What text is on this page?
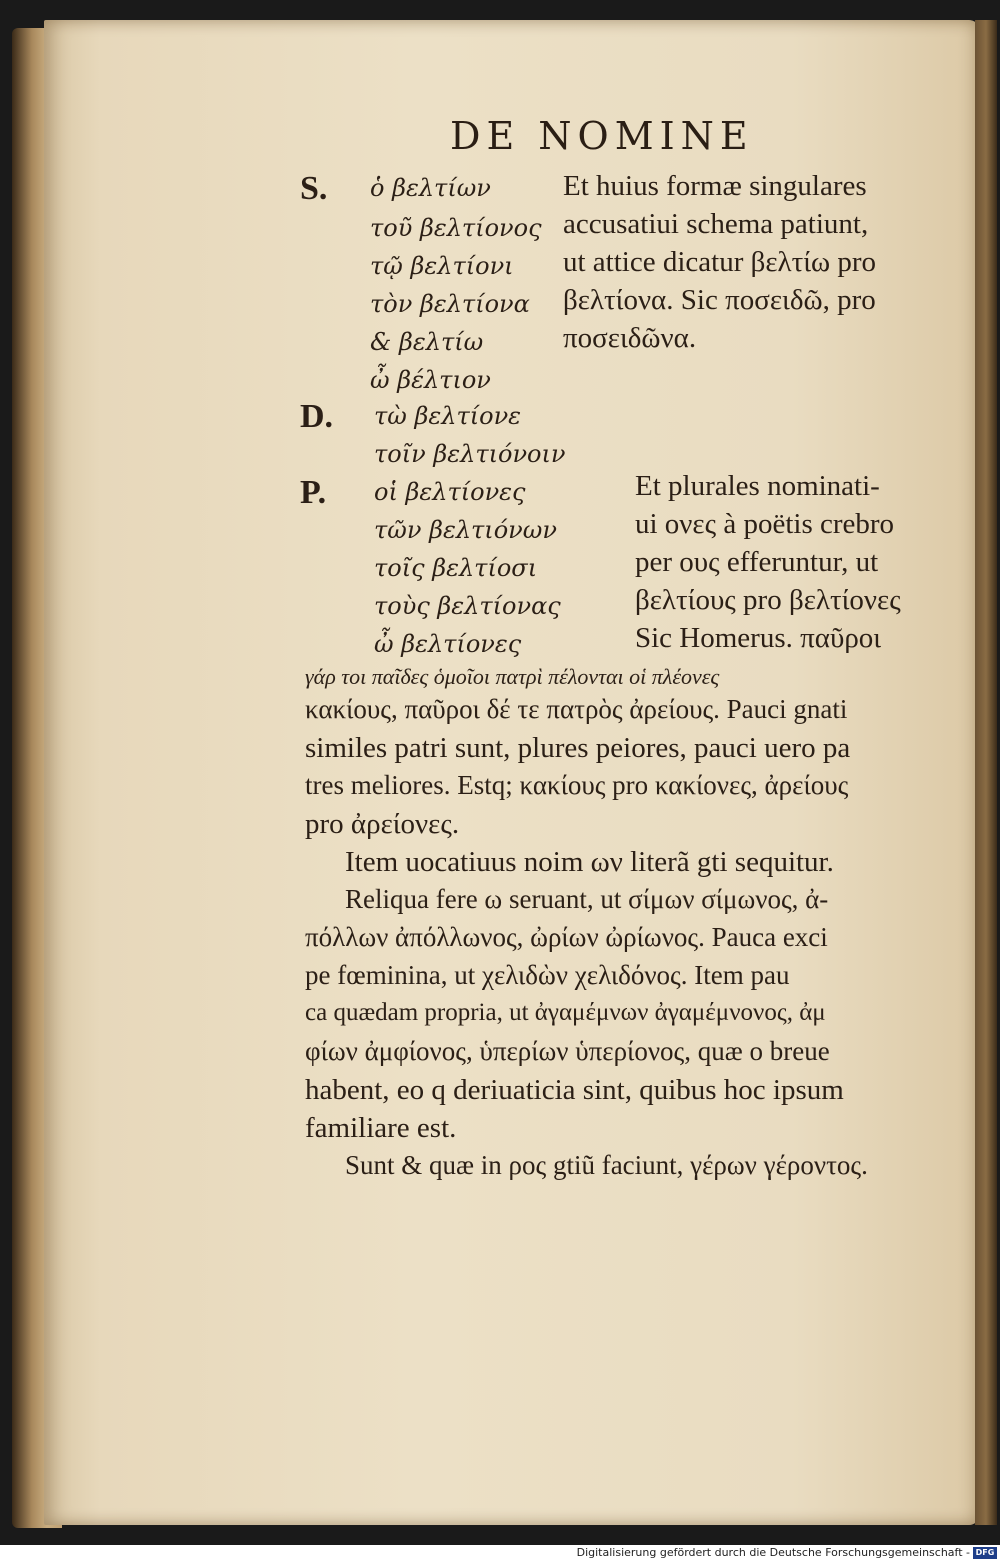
DE NOMINE
S. ὁ βελτίων
τοῦ βελτίονος
τῷ βελτίονι
τὸν βελτίονα
& βελτίω
ὦ βέλτιον
Et huius formæ singulares
accusatiui schema patiunt,
ut attice dicatur βελτίω pro
βελτίονα. Sic ποσειδῶ, pro
ποσειδῶνα.
D. τὼ βελτίονε
τοῖν βελτιόνοιν
P. οἱ βελτίονες
τῶν βελτιόνων
τοῖς βελτίοσι
τοὺς βελτίονας
ὦ βελτίονες
Et plurales nominati-
ui ονες à poëtis crebro
per ους efferuntur, ut
βελτίους pro βελτίονες
Sic Homerus. παῦροι
γάρ τοι παῖδες ὁμοῖοι πατρὶ πέλονται οἱ πλέονες
κακίους, παῦροι δέ τε πατρὸς ἀρείους. Pauci gnati
similes patri sunt, plures peiores, pauci uero pa
tres meliores. Estq; κακίους pro κακίονες, ἀρείους
pro ἀρείονες.
Item uocatiuus noim ων literã gti sequitur.
Reliqua fere ω seruant, ut σίμων σίμωνος, ἀ-
πόλλων ἀπόλλωνος, ὠρίων ὠρίωνος. Pauca exci
pe fœminina, ut χελιδὼν χελιδόνος. Item pau
ca quædam propria, ut ἀγαμέμνων ἀγαμέμνονος, ἀμ
φίων ἀμφίονος, ὑπερίων ὑπερίονος, quæ o breue
habent, eo q deriuaticia sint, quibus hoc ipsum
familiare est.
Sunt & quæ in ρος gtiũ faciunt, γέρων γέροντος.
Digitalisierung gefördert durch die Deutsche Forschungsgemeinschaft - DFG
